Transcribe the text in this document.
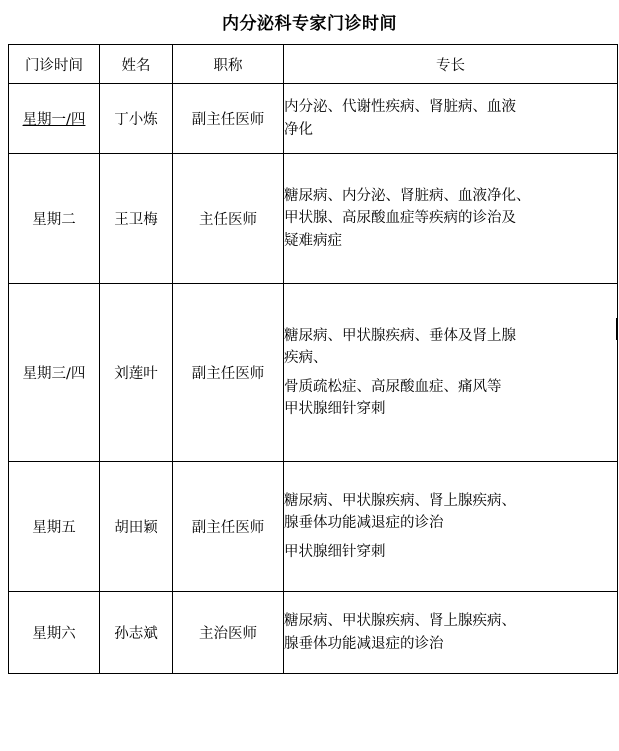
内分泌科专家门诊时间
门诊时间	姓名	职称	专长
星期一/四	丁小炼	副主任医师	内分泌、代谢性疾病、肾脏病、血液
净化

星期二	王卫梅	主任医师	糖尿病、内分泌、肾脏病、血液净化、
甲状腺、高尿酸血症等疾病的诊治及
疑难病症

星期三/四	刘莲叶	副主任医师	糖尿病、甲状腺疾病、垂体及肾上腺
疾病、
骨质疏松症、高尿酸血症、痛风等
甲状腺细针穿刺

星期五	胡田颖	副主任医师	糖尿病、甲状腺疾病、肾上腺疾病、
腺垂体功能减退症的诊治
甲状腺细针穿刺

星期六	孙志斌	主治医师	糖尿病、甲状腺疾病、肾上腺疾病、
腺垂体功能减退症的诊治
